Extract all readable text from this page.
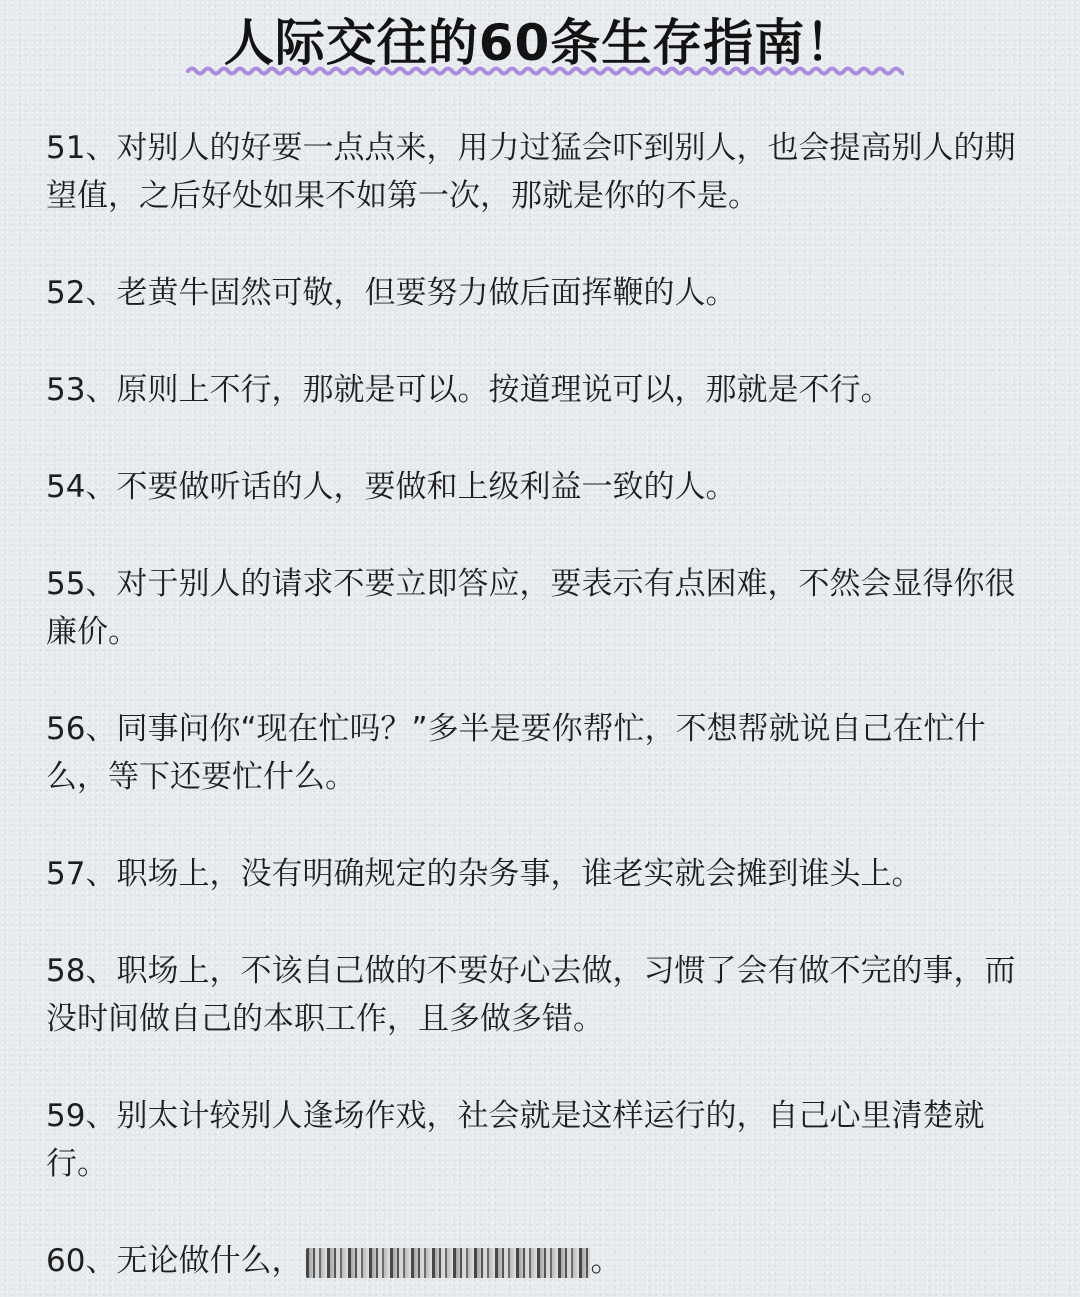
人际交往的60条生存指南！

51、对别人的好要一点点来，用力过猛会吓到别人，也会提高别人的期望值，之后好处如果不如第一次，那就是你的不是。

52、老黄牛固然可敬，但要努力做后面挥鞭的人。

53、原则上不行，那就是可以。按道理说可以，那就是不行。

54、不要做听话的人，要做和上级利益一致的人。

55、对于别人的请求不要立即答应，要表示有点困难，不然会显得你很廉价。

56、同事问你“现在忙吗？”多半是要你帮忙，不想帮就说自己在忙什么，等下还要忙什么。

57、职场上，没有明确规定的杂务事，谁老实就会摊到谁头上。

58、职场上，不该自己做的不要好心去做，习惯了会有做不完的事，而没时间做自己的本职工作，且多做多错。

59、别太计较别人逢场作戏，社会就是这样运行的，自己心里清楚就行。

60、无论做什么，	。
